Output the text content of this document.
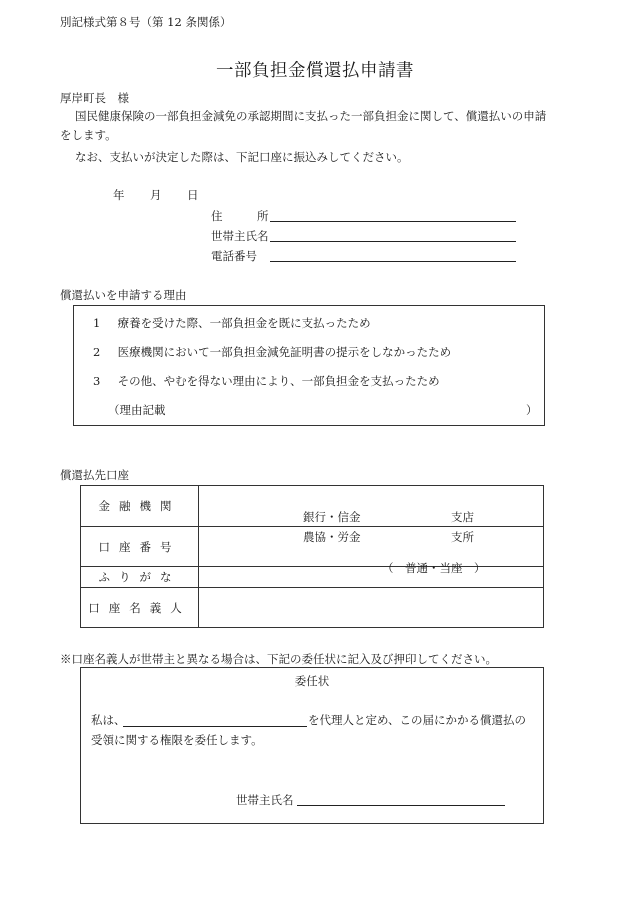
別記様式第８号（第 12 条関係）
一部負担金償還払申請書
厚岸町長　様
国民健康保険の一部負担金減免の承認期間に支払った一部負担金に関して、償還払いの申請
をします。
なお、支払いが決定した際は、下記口座に振込みしてください。
年 月 日
住　　　所
世帯主氏名
電話番号
償還払いを申請する理由
1 療養を受けた際、一部負担金を既に支払ったため
2 医療機関において一部負担金減免証明書の提示をしなかったため
3 その他、やむを得ない理由により、一部負担金を支払ったため
（理由記載	）
償還払先口座
金融機関	銀行・信金 支店
農協・労金 支所

口座番号	（　普通・当座　）

ふりがな	
口座名義人	
※口座名義人が世帯主と異なる場合は、下記の委任状に記入及び押印してください。
委任状
私は、	を代理人と定め、この届にかかる償還払の
受領に関する権限を委任します。
世帯主氏名
